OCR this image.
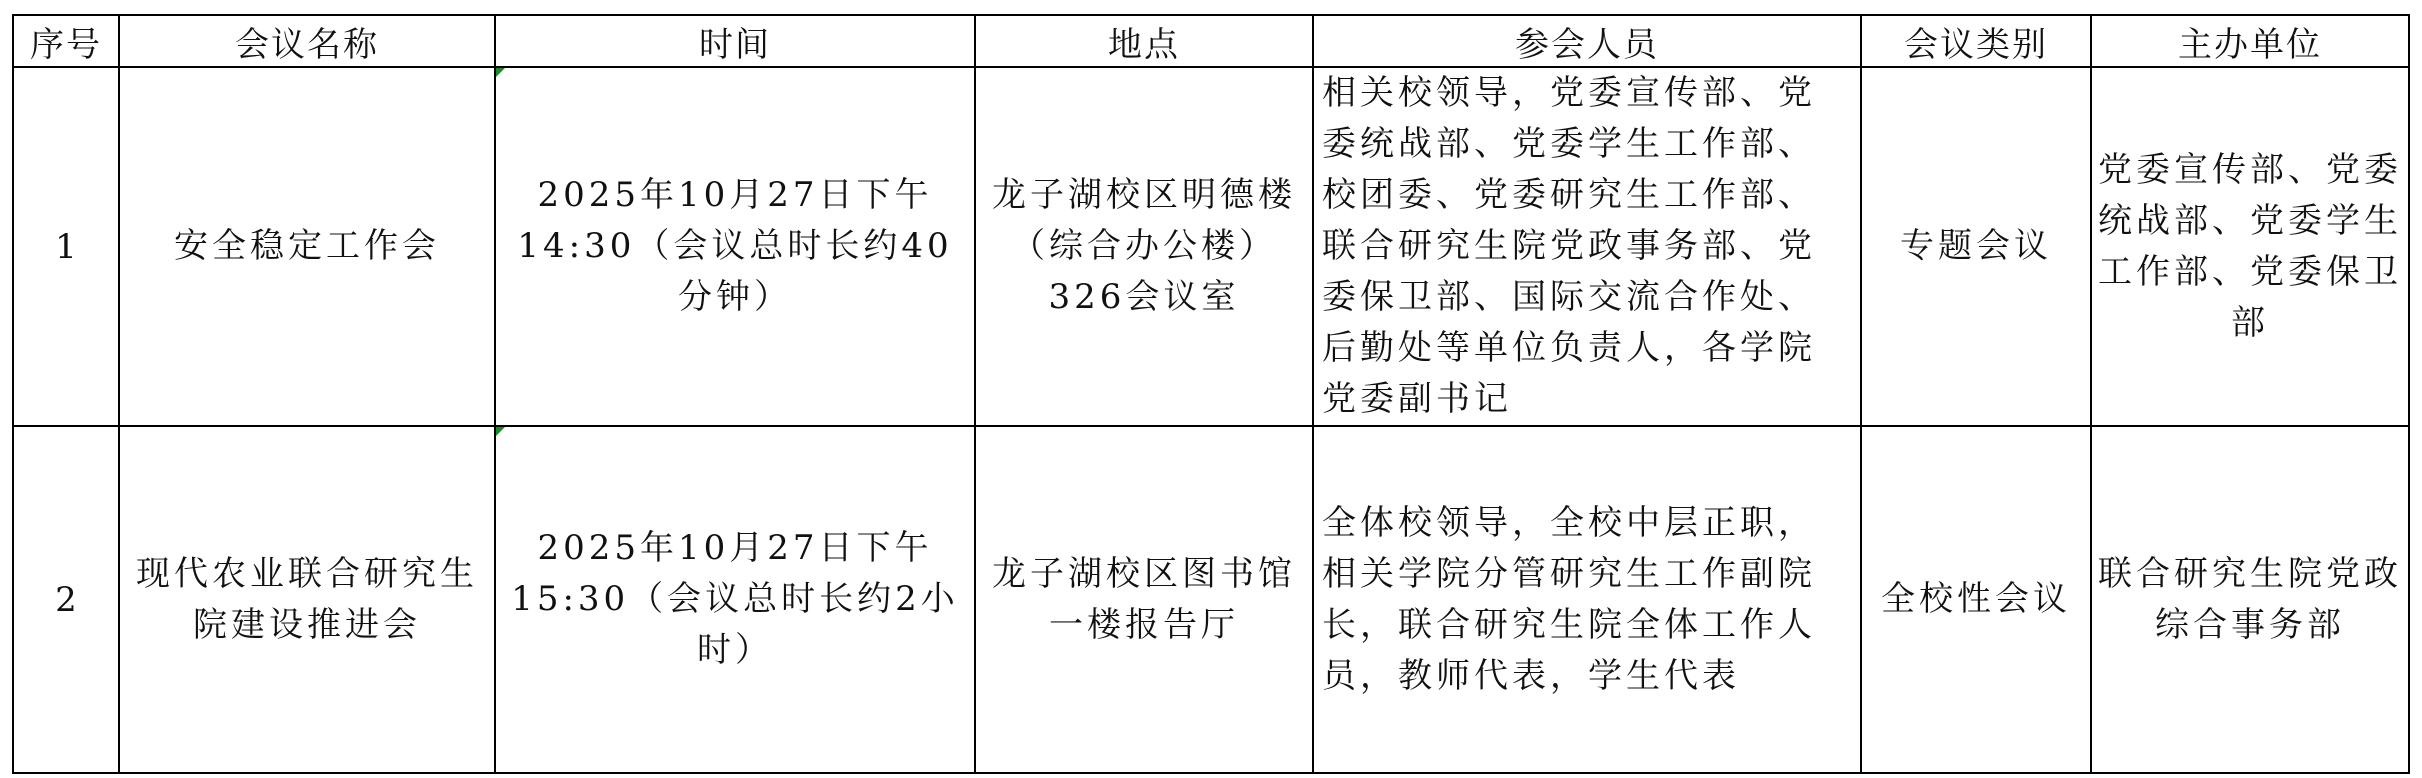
序号	会议名称	时间	地点	参会人员	会议类别	主办单位
1	安全稳定工作会	2025年10月27日下午14:30（会议总时长约40分钟）	龙子湖校区明德楼（综合办公楼）326会议室	相关校领导，党委宣传部、党委统战部、党委学生工作部、校团委、党委研究生工作部、联合研究生院党政事务部、党委保卫部、国际交流合作处、后勤处等单位负责人，各学院党委副书记	专题会议	党委宣传部、党委统战部、党委学生工作部、党委保卫部
2	现代农业联合研究生院建设推进会	2025年10月27日下午15:30（会议总时长约2小时）	龙子湖校区图书馆一楼报告厅	全体校领导，全校中层正职，相关学院分管研究生工作副院长，联合研究生院全体工作人员，教师代表，学生代表	全校性会议	联合研究生院党政综合事务部
